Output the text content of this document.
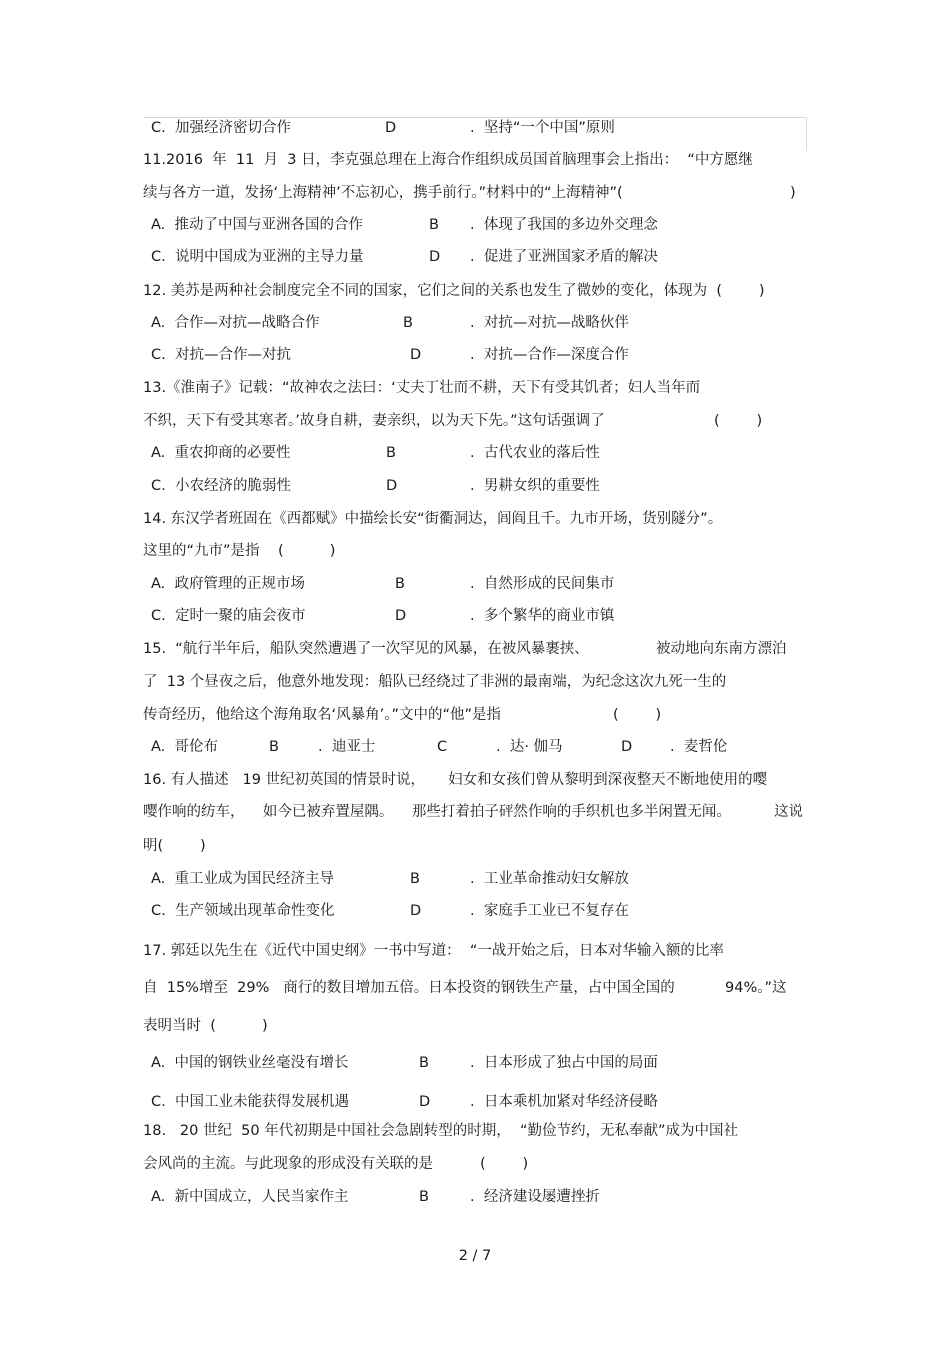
C.  加强经济密切合作	D	.  坚持“一个中国”原则
11.2016  年  11  月  3 日，李克强总理在上海合作组织成员国首脑理事会上指出：  “中方愿继
续与各方一道，发扬‘上海精神’不忘初心，携手前行。”材料中的“上海精神”(	)
A.  推动了中国与亚洲各国的合作	B .  体现了我国的多边外交理念
C.  说明中国成为亚洲的主导力量	D .  促进了亚洲国家矛盾的解决
12. 美苏是两种社会制度完全不同的国家，它们之间的关系也发生了微妙的变化，体现为  (        )
A.  合作—对抗—战略合作	B	.  对抗—对抗—战略伙伴
C.  对抗—合作—对抗	D	.  对抗—合作—深度合作
13.《淮南子》记载：“故神农之法曰：‘丈夫丁壮而不耕，天下有受其饥者；妇人当年而
不织，天下有受其寒者。’故身自耕，妻亲织，以为天下先。”这句话强调了	(        )
A.  重农抑商的必要性	B	.  古代农业的落后性
C.  小农经济的脆弱性	D	.  男耕女织的重要性
14. 东汉学者班固在《西都赋》中描绘长安“街衢洞达，闾阎且千。九市开场，货别隧分”。
这里的“九市”是指    (          )
A.  政府管理的正规市场	B	.  自然形成的民间集市
C.  定时一聚的庙会夜市	D	.  多个繁华的商业市镇
15.  “航行半年后，船队突然遭遇了一次罕见的风暴，在被风暴裹挟、	被动地向东南方漂泊
了  13 个昼夜之后，他意外地发现：船队已经绕过了非洲的最南端，为纪念这次九死一生的
传奇经历，他给这个海角取名‘风暴角’。”文中的“他”是指	(        )
A.  哥伦布	B	.  迪亚士	C	.  达· 伽马	D	.  麦哲伦
16. 有人描述   19 世纪初英国的情景时说，     妇女和女孩们曾从黎明到深夜整天不断地使用的嘤
嘤作响的纺车，    如今已被弃置屋隅。    那些打着拍子砰然作响的手织机也多半闲置无闻。	这说
明(        )
A.  重工业成为国民经济主导	B	.  工业革命推动妇女解放
C.  生产领域出现革命性变化	D	.  家庭手工业已不复存在
17. 郭廷以先生在《近代中国史纲》一书中写道：  “一战开始之后，日本对华输入额的比率
自  15%增至  29%   商行的数目增加五倍。日本投资的钢铁生产量，占中国全国的	94%。”这
表明当时  (          )
A.  中国的钢铁业丝毫没有增长	B	.  日本形成了独占中国的局面
C.  中国工业未能获得发展机遇	D	.  日本乘机加紧对华经济侵略
18.   20 世纪  50 年代初期是中国社会急剧转型的时期，  “勤俭节约，无私奉献”成为中国社
会风尚的主流。与此现象的形成没有关联的是	(        )
A.  新中国成立，人民当家作主	B	.  经济建设屡遭挫折
2 / 7
